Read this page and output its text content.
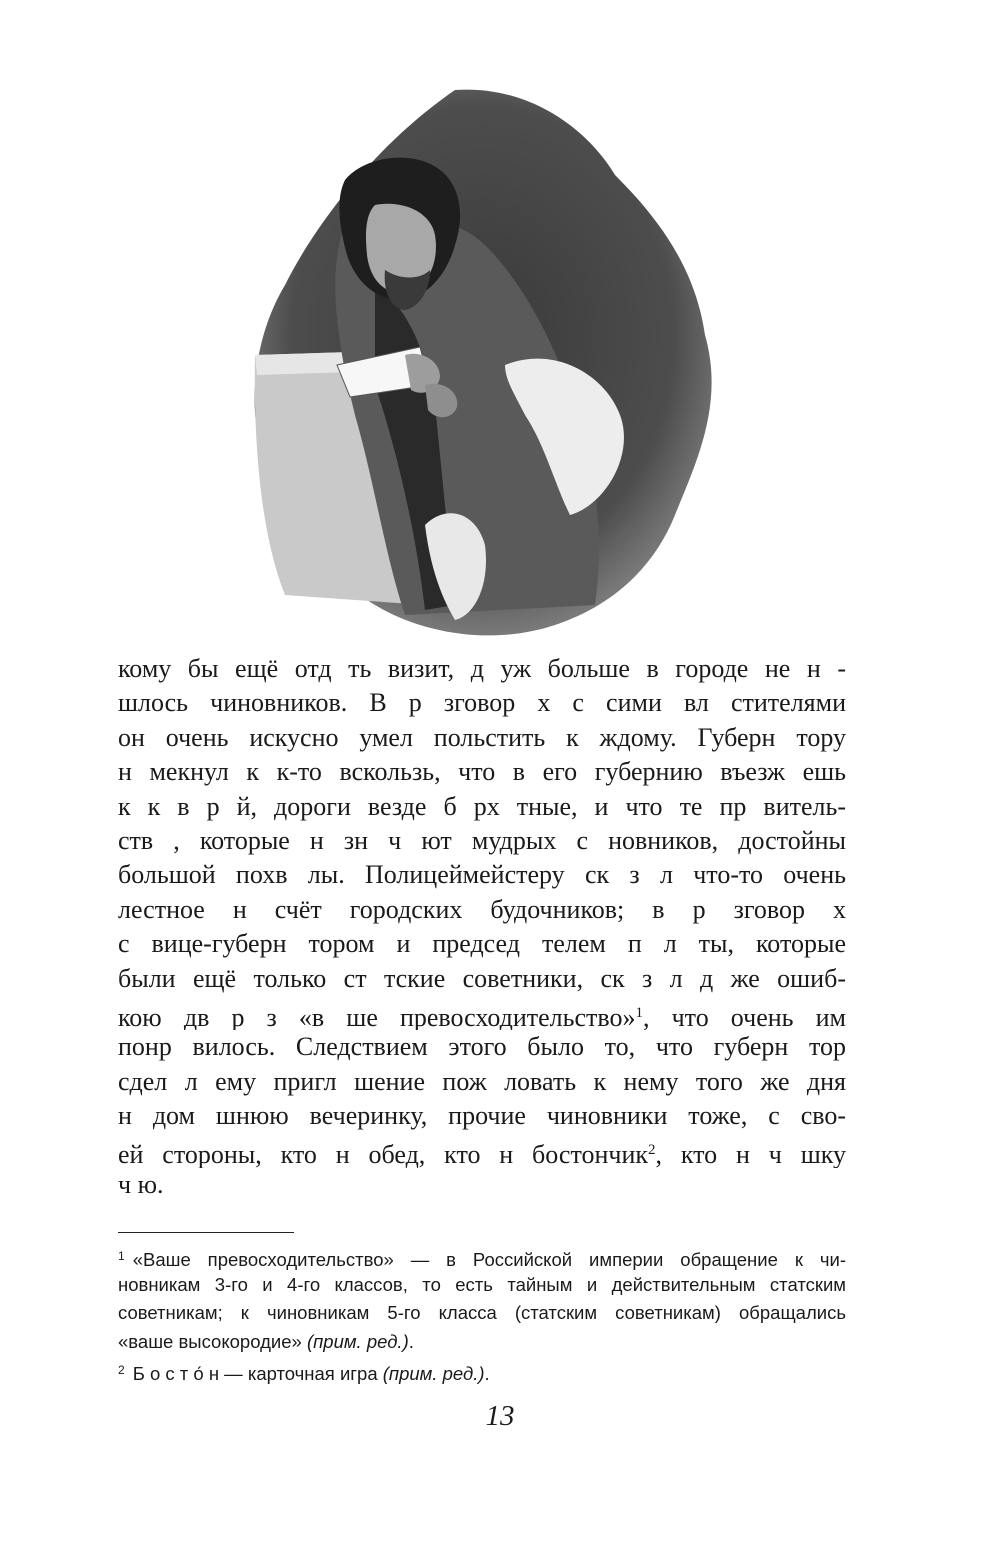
кому бы ещё отд ть визит, д уж больше в городе не н -
шлось чиновников. В р зговор х с сими вл стителями
он очень искусно умел польстить к ждому. Губерн тору
н мекнул к к-то вскользь, что в его губернию въезж ешь
к к в р й, дороги везде б рх тные, и что те пр витель-
ств , которые н зн ч ют мудрых с новников, достойны
большой похв лы. Полицеймейстеру ск з л что-то очень
лестное н счёт городских будочников; в р зговор х
с вице-губерн тором и председ телем п л ты, которые
были ещё только ст тские советники, ск з л д же ошиб-
кою дв р з «в ше превосходительство»$^1$, что очень им
понр вилось. Следствием этого было то, что губерн тор
сдел л ему пригл шение пож ловать к нему того же дня
н дом шнюю вечеринку, прочие чиновники тоже, с сво-
ей стороны, кто н обед, кто н бостончик$^2$, кто н ч шку
ч ю.
$^1$ «Ваше превосходительство» — в Российской империи обращение к чи-
новникам 3-го и 4-го классов, то есть тайным и действительным статским
советникам; к чиновникам 5-го класса (статским советникам) обращались
«ваше высокородие» (прим. ред.).
$^2$ Б о с т о́ н — карточная игра (прим. ред.).
13
